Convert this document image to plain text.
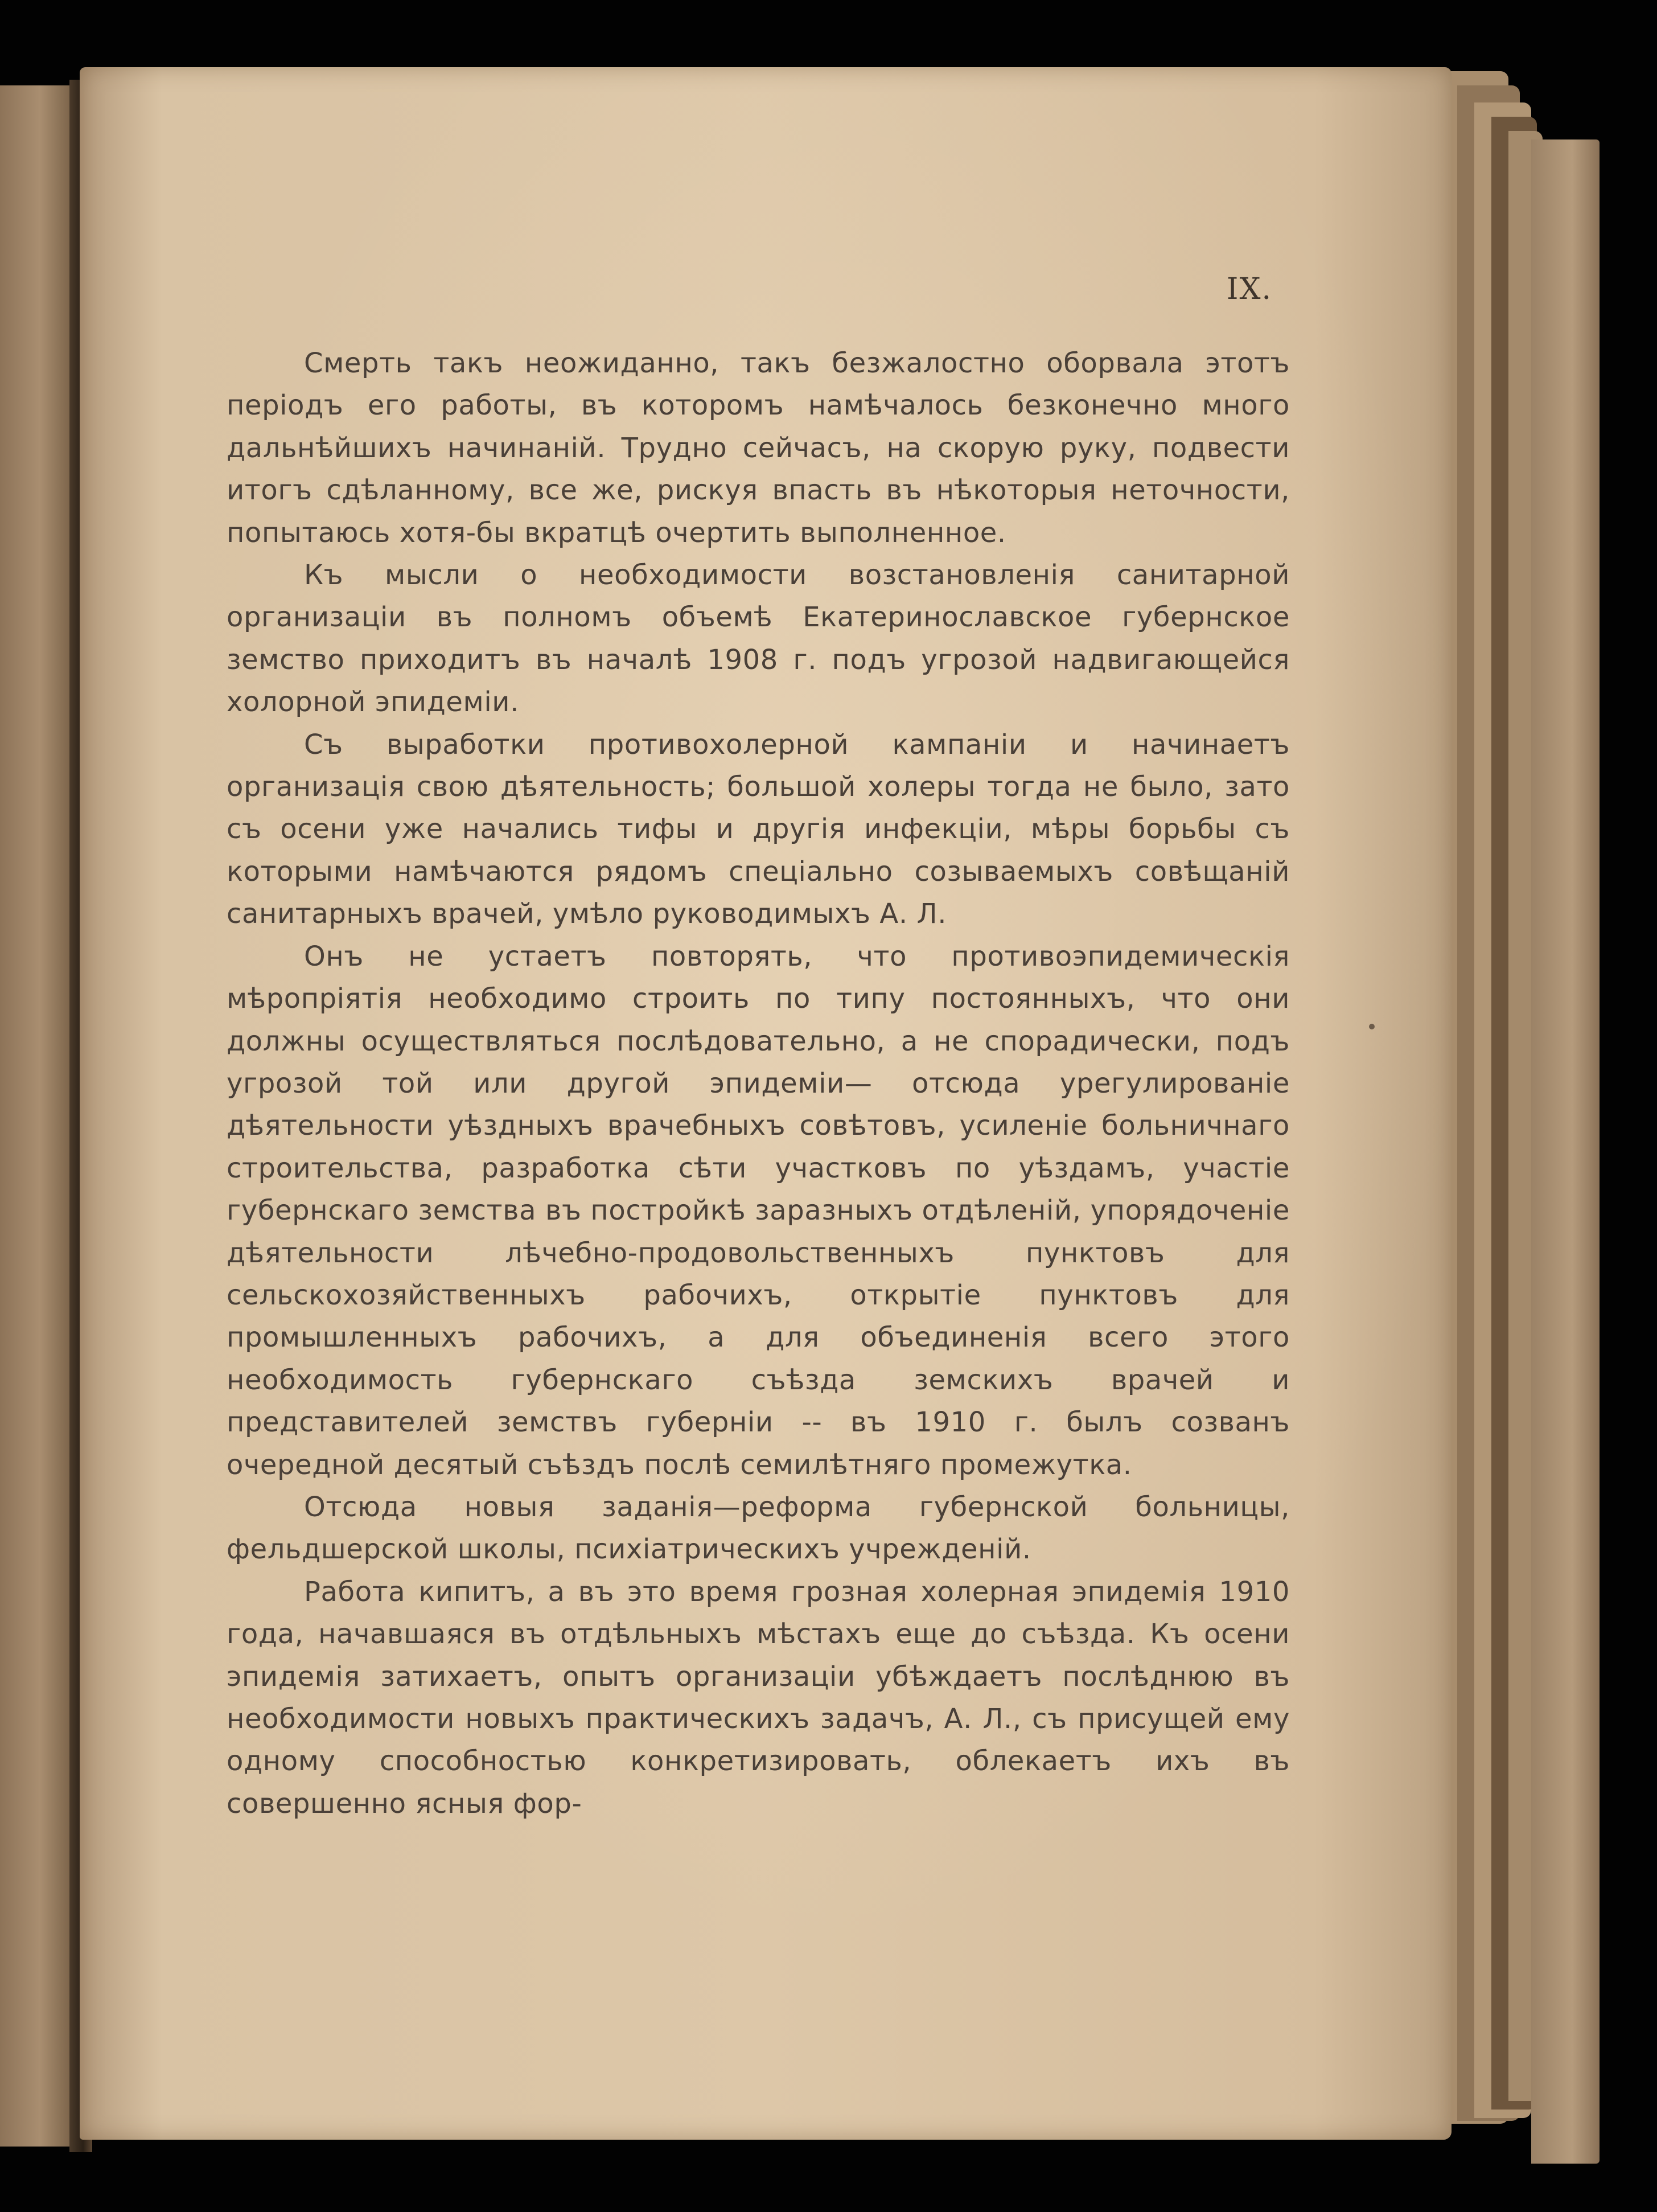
IX.

Смерть такъ неожиданно, такъ безжалостно оборвала этотъ періодъ его работы, въ которомъ намѣчалось безконечно много дальнѣйшихъ начинаній. Трудно сейчасъ, на скорую руку, подвести итогъ сдѣланному, все же, рискуя впасть въ нѣкоторыя неточности, попытаюсь хотя-бы вкратцѣ очертить выполненное.

Къ мысли о необходимости возстановленія санитарной организаціи въ полномъ объемѣ Екатеринославское губернское земство приходитъ въ началѣ 1908 г. подъ угрозой надвигающейся холорной эпидеміи.

Съ выработки противохолерной кампаніи и начинаетъ организація свою дѣятельность; большой холеры тогда не было, зато съ осени уже начались тифы и другія инфекціи, мѣры борьбы съ которыми намѣчаются рядомъ спеціально созываемыхъ совѣщаній санитарныхъ врачей, умѣло руководимыхъ А. Л.

Онъ не устаетъ повторять, что противоэпидемическія мѣропріятія необходимо строить по типу постоянныхъ, что они должны осуществляться послѣдовательно, а не спорадически, подъ угрозой той или другой эпидеміи— отсюда урегулированіе дѣятельности уѣздныхъ врачебныхъ совѣтовъ, усиленіе больничнаго строительства, разработка сѣти участковъ по уѣздамъ, участіе губернскаго земства въ постройкѣ заразныхъ отдѣленій, упорядоченіе дѣятельности лѣчебно-продовольственныхъ пунктовъ для сельскохозяйственныхъ рабочихъ, открытіе пунктовъ для промышленныхъ рабочихъ, а для объединенія всего этого необходимость губернскаго съѣзда земскихъ врачей и представителей земствъ губерніи -- въ 1910 г. былъ созванъ очередной десятый съѣздъ послѣ семилѣтняго промежутка.

Отсюда новыя заданія—реформа губернской больницы, фельдшерской школы, психіатрическихъ учрежденій.

Работа кипитъ, а въ это время грозная холерная эпидемія 1910 года, начавшаяся въ отдѣльныхъ мѣстахъ еще до съѣзда. Къ осени эпидемія затихаетъ, опытъ организаціи убѣждаетъ послѣднюю въ необходимости новыхъ практическихъ задачъ, А. Л., съ присущей ему одному способностью конкретизировать, облекаетъ ихъ въ совершенно ясныя фор-
